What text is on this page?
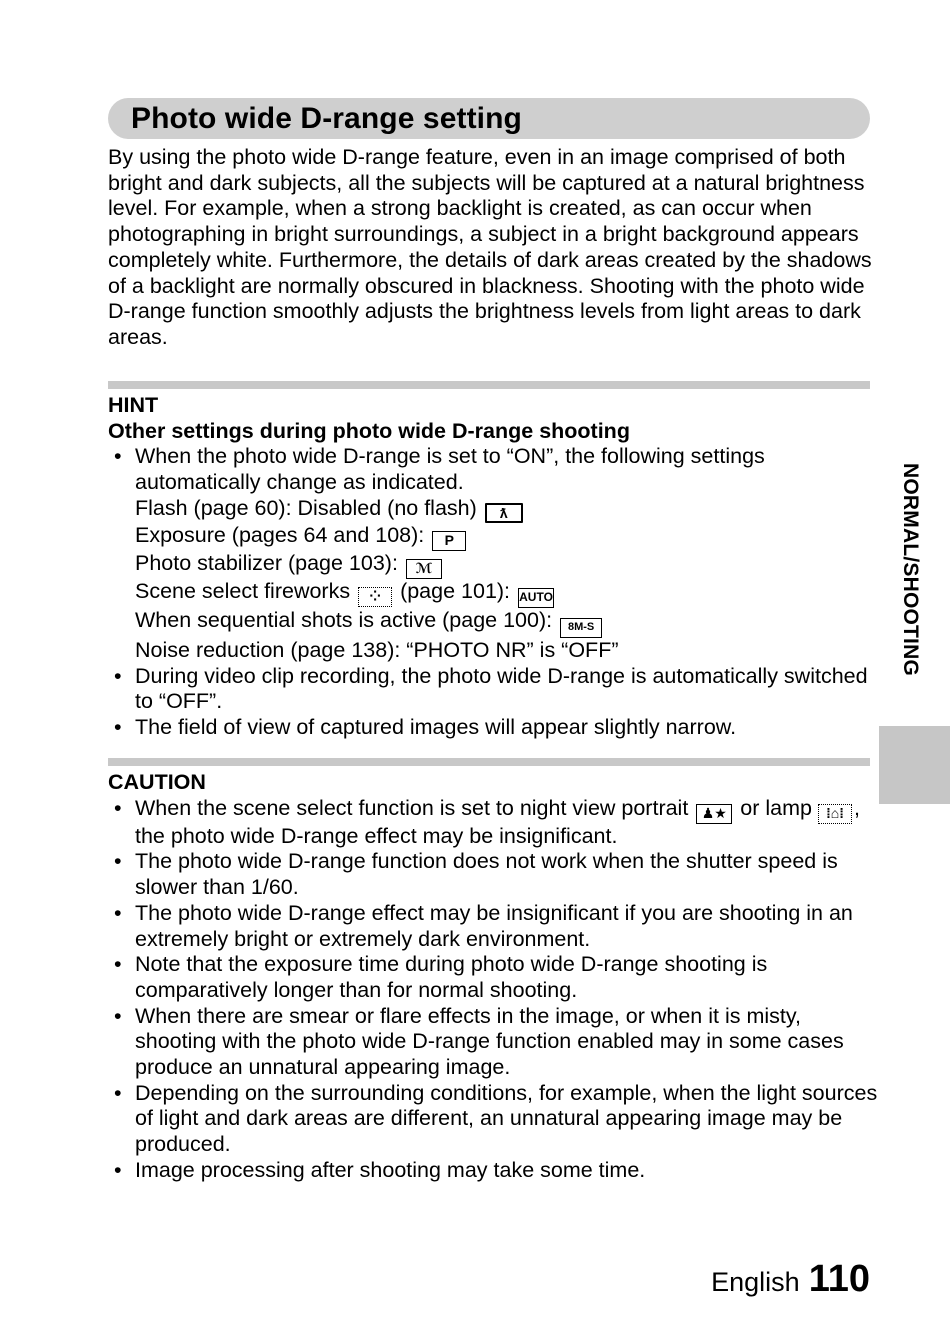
Photo wide D-range setting

By using the photo wide D-range feature, even in an image comprised of both bright and dark subjects, all the subjects will be captured at a natural brightness level. For example, when a strong backlight is created, as can occur when photographing in bright surroundings, a subject in a bright background appears completely white. Furthermore, the details of dark areas created by the shadows of a backlight are normally obscured in blackness. Shooting with the photo wide D-range function smoothly adjusts the brightness levels from light areas to dark areas.

HINT
Other settings during photo wide D-range shooting
• When the photo wide D-range is set to “ON”, the following settings automatically change as indicated.
Flash (page 60): Disabled (no flash) ƛ
Exposure (pages 64 and 108): P
Photo stabilizer (page 103): ℳ
Scene select fireworks ⁘ (page 101): AUTO
When sequential shots is active (page 100): 8M-S
Noise reduction (page 138): “PHOTO NR” is “OFF”
• During video clip recording, the photo wide D-range is automatically switched to “OFF”.
• The field of view of captured images will appear slightly narrow.
CAUTION
• When the scene select function is set to night view portrait ♟★ or lamp ⁞⌂⁞ , the photo wide D-range effect may be insignificant.
• The photo wide D-range function does not work when the shutter speed is slower than 1/60.
• The photo wide D-range effect may be insignificant if you are shooting in an extremely bright or extremely dark environment.
• Note that the exposure time during photo wide D-range shooting is comparatively longer than for normal shooting.
• When there are smear or flare effects in the image, or when it is misty, shooting with the photo wide D-range function enabled may in some cases produce an unnatural appearing image.
• Depending on the surrounding conditions, for example, when the light sources of light and dark areas are different, an unnatural appearing image may be produced.
• Image processing after shooting may take some time.
NORMAL/SHOOTING
English 110
